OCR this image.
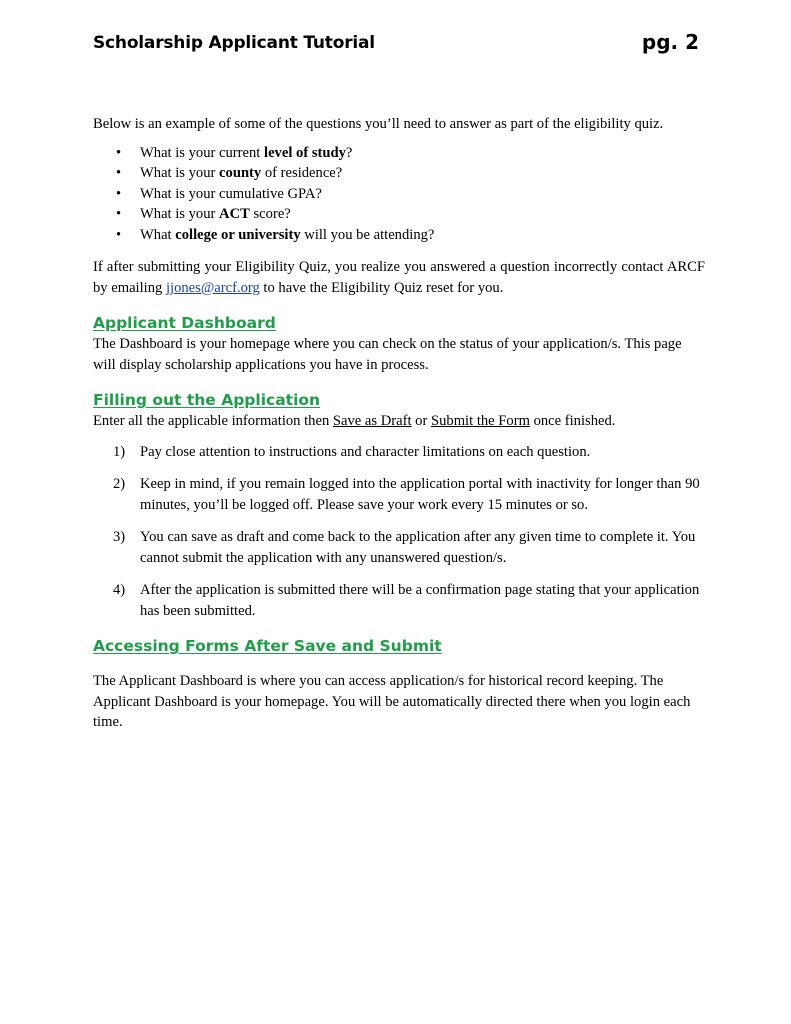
Scholarship Applicant Tutorial	pg. 2

Below is an example of some of the questions you’ll need to answer as part of the eligibility quiz.

• What is your current level of study?
• What is your county of residence?
• What is your cumulative GPA?
• What is your ACT score?
• What college or university will you be attending?

If after submitting your Eligibility Quiz, you realize you answered a question incorrectly contact ARCF by emailing jjones@arcf.org to have the Eligibility Quiz reset for you.

Applicant Dashboard

The Dashboard is your homepage where you can check on the status of your application/s. This page will display scholarship applications you have in process.

Filling out the Application

Enter all the applicable information then Save as Draft or Submit the Form once finished.

1) Pay close attention to instructions and character limitations on each question.
2) Keep in mind, if you remain logged into the application portal with inactivity for longer than 90 minutes, you’ll be logged off. Please save your work every 15 minutes or so.
3) You can save as draft and come back to the application after any given time to complete it. You cannot submit the application with any unanswered question/s.
4) After the application is submitted there will be a confirmation page stating that your application has been submitted.
Accessing Forms After Save and Submit

The Applicant Dashboard is where you can access application/s for historical record keeping. The Applicant Dashboard is your homepage. You will be automatically directed there when you login each time.
